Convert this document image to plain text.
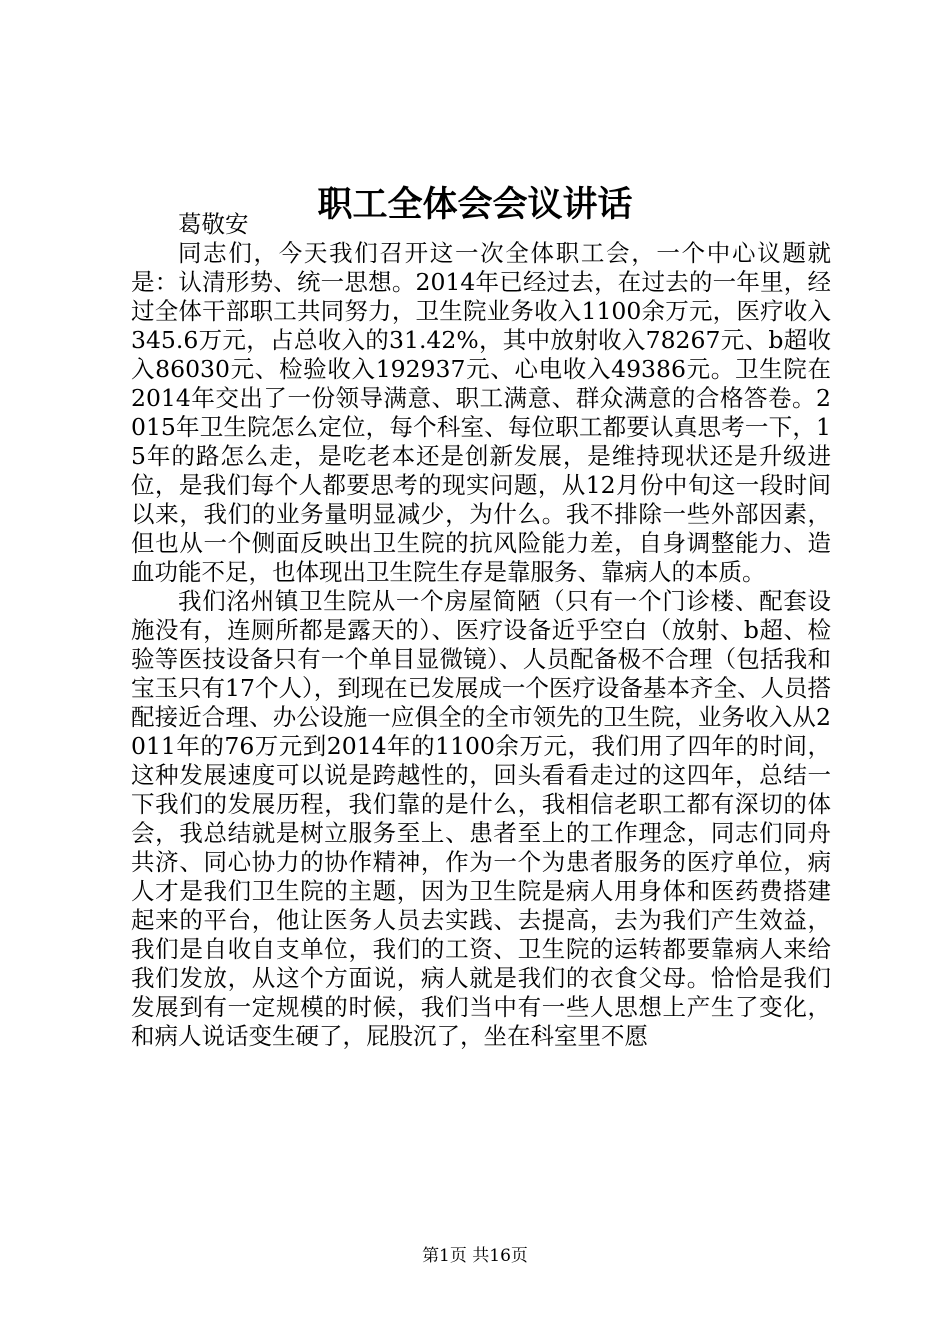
职工全体会会议讲话

葛敬安

同志们，今天我们召开这一次全体职工会，一个中心议题就是：认清形势、统一思想。2014年已经过去，在过去的一年里，经过全体干部职工共同努力，卫生院业务收入1100余万元，医疗收入345.6万元，占总收入的31.42%，其中放射收入78267元、b超收入86030元、检验收入192937元、心电收入49386元。卫生院在2014年交出了一份领导满意、职工满意、群众满意的合格答卷。2015年卫生院怎么定位，每个科室、每位职工都要认真思考一下，15年的路怎么走，是吃老本还是创新发展，是维持现状还是升级进位，是我们每个人都要思考的现实问题，从12月份中旬这一段时间以来，我们的业务量明显减少，为什么。我不排除一些外部因素，但也从一个侧面反映出卫生院的抗风险能力差，自身调整能力、造血功能不足，也体现出卫生院生存是靠服务、靠病人的本质。

我们洺州镇卫生院从一个房屋简陋（只有一个门诊楼、配套设施没有，连厕所都是露天的）、医疗设备近乎空白（放射、b超、检验等医技设备只有一个单目显微镜）、人员配备极不合理（包括我和宝玉只有17个人），到现在已发展成一个医疗设备基本齐全、人员搭配接近合理、办公设施一应俱全的全市领先的卫生院，业务收入从2011年的76万元到2014年的1100余万元，我们用了四年的时间，这种发展速度可以说是跨越性的，回头看看走过的这四年，总结一下我们的发展历程，我们靠的是什么，我相信老职工都有深切的体会，我总结就是树立服务至上、患者至上的工作理念，同志们同舟共济、同心协力的协作精神，作为一个为患者服务的医疗单位，病人才是我们卫生院的主题，因为卫生院是病人用身体和医药费搭建起来的平台，他让医务人员去实践、去提高，去为我们产生效益，我们是自收自支单位，我们的工资、卫生院的运转都要靠病人来给我们发放，从这个方面说，病人就是我们的衣食父母。恰恰是我们发展到有一定规模的时候，我们当中有一些人思想上产生了变化，和病人说话变生硬了，屁股沉了，坐在科室里不愿

第1页 共16页
